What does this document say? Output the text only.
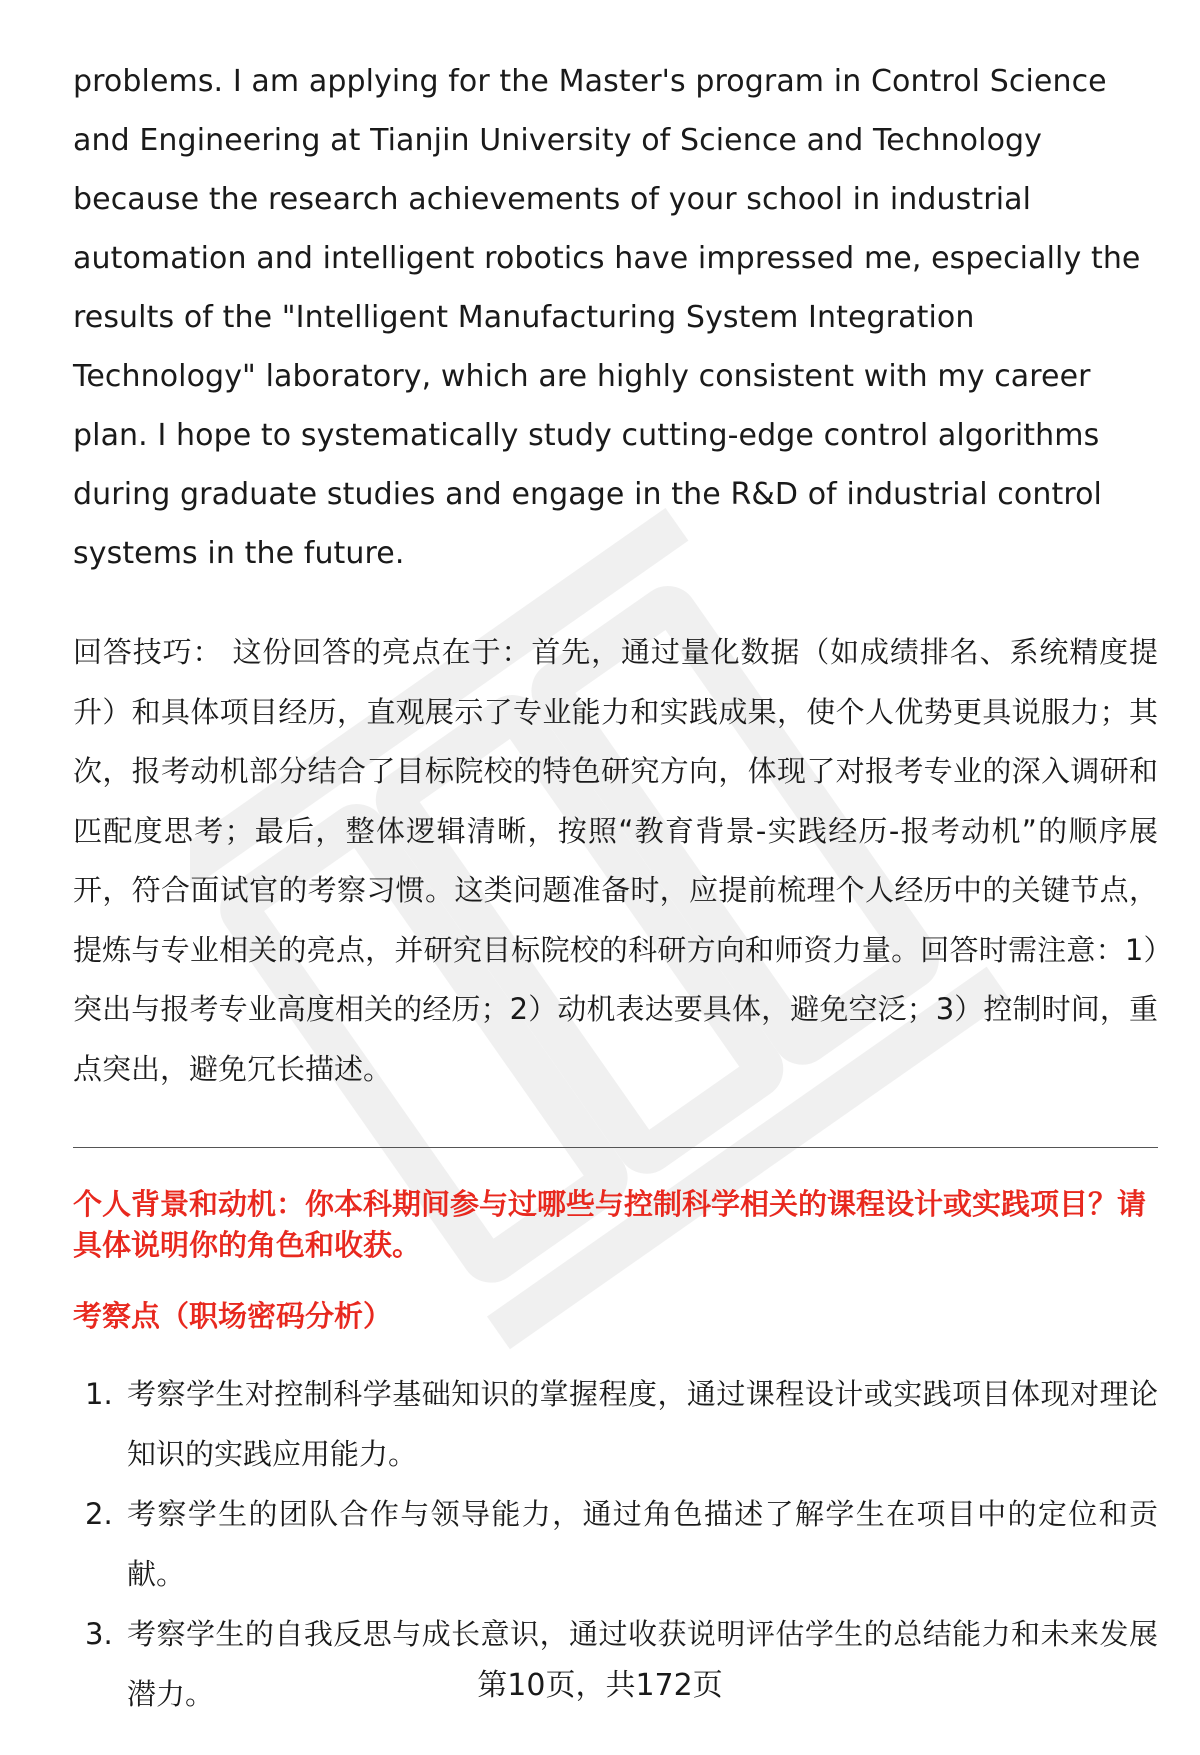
problems. I am applying for the Master's program in Control Science and Engineering at Tianjin University of Science and Technology because the research achievements of your school in industrial automation and intelligent robotics have impressed me, especially the results of the "Intelligent Manufacturing System Integration Technology" laboratory, which are highly consistent with my career plan. I hope to systematically study cutting-edge control algorithms during graduate studies and engage in the R&D of industrial control systems in the future.

回答技巧： 这份回答的亮点在于：首先，通过量化数据（如成绩排名、系统精度提升）和具体项目经历，直观展示了专业能力和实践成果，使个人优势更具说服力；其次，报考动机部分结合了目标院校的特色研究方向，体现了对报考专业的深入调研和匹配度思考；最后，整体逻辑清晰，按照“教育背景-实践经历-报考动机”的顺序展开，符合面试官的考察习惯。这类问题准备时，应提前梳理个人经历中的关键节点，提炼与专业相关的亮点，并研究目标院校的科研方向和师资力量。回答时需注意：1）突出与报考专业高度相关的经历；2）动机表达要具体，避免空泛；3）控制时间，重点突出，避免冗长描述。

个人背景和动机：你本科期间参与过哪些与控制科学相关的课程设计或实践项目？请具体说明你的角色和收获。
考察点（职场密码分析）
1. 考察学生对控制科学基础知识的掌握程度，通过课程设计或实践项目体现对理论知识的实践应用能力。
2. 考察学生的团队合作与领导能力，通过角色描述了解学生在项目中的定位和贡献。
3. 考察学生的自我反思与成长意识，通过收获说明评估学生的总结能力和未来发展潜力。	第10页，共172页
